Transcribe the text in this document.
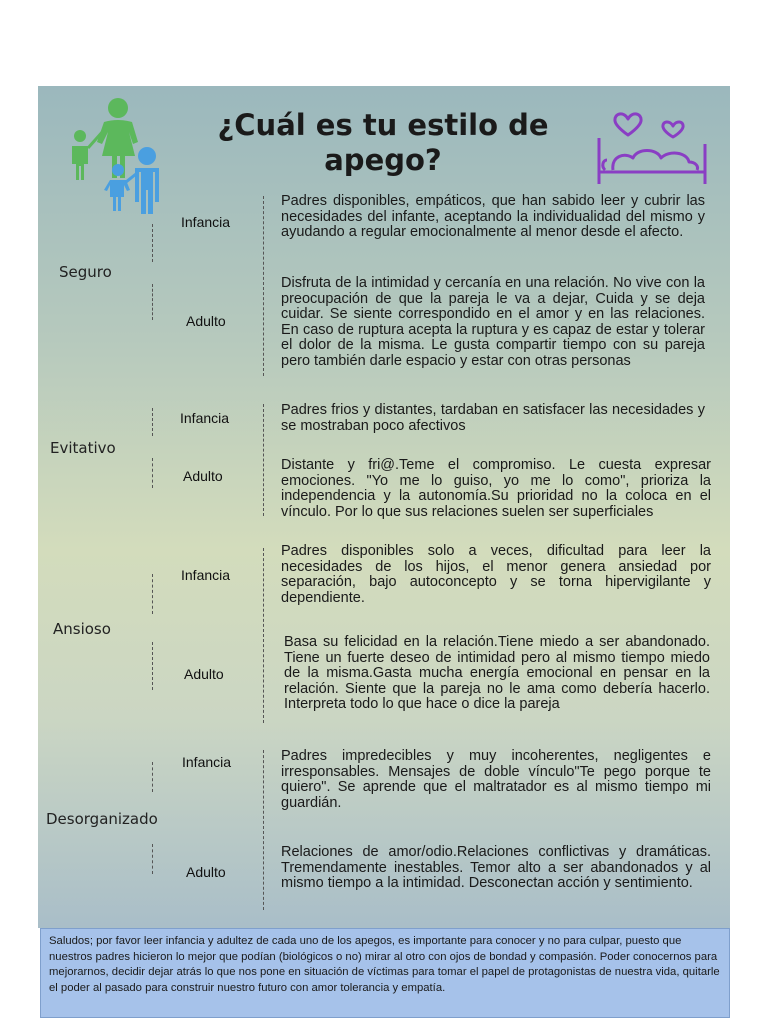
¿Cuál es tu estilo de apego?
Seguro
Infancia
Adulto
Padres disponibles, empáticos, que han sabido leer y cubrir las necesidades del infante, aceptando la individualidad del mismo y ayudando a regular emocionalmente al menor desde el afecto.
Disfruta de la intimidad y cercanía en una relación. No vive con la preocupación de que la pareja le va a dejar, Cuida y se deja cuidar. Se siente correspondido en el amor y en las relaciones. En caso de ruptura acepta la ruptura y es capaz de estar y tolerar el dolor de la misma. Le gusta compartir tiempo con su pareja pero también darle espacio y estar con otras personas
Evitativo
Infancia
Adulto
Padres frios y distantes, tardaban en satisfacer las necesidades y se mostraban poco afectivos
Distante y fri@.Teme el compromiso. Le cuesta expresar emociones. "Yo me lo guiso, yo me lo como", prioriza la independencia y la autonomía.Su prioridad no la coloca en el vínculo. Por lo que sus relaciones suelen ser superficiales
Ansioso
Infancia
Adulto
Padres disponibles solo a veces, dificultad para leer la necesidades de los hijos, el menor genera ansiedad por separación, bajo autoconcepto y se torna hipervigilante y dependiente.
Basa su felicidad en la relación.Tiene miedo a ser abandonado. Tiene un fuerte deseo de intimidad pero al mismo tiempo miedo de la misma.Gasta mucha energía emocional en pensar en la relación. Siente que la pareja no le ama como debería hacerlo. Interpreta todo lo que hace o dice la pareja
Desorganizado
Infancia
Adulto
Padres impredecibles y muy incoherentes, negligentes e irresponsables. Mensajes de doble vínculo"Te pego porque te quiero". Se aprende que el maltratador es al mismo tiempo mi guardián.
Relaciones de amor/odio.Relaciones conflictivas y dramáticas. Tremendamente inestables. Temor alto a ser abandonados y al mismo tiempo a la intimidad. Desconectan acción y sentimiento.
Saludos; por favor leer infancia y adultez de cada uno de los apegos, es importante para conocer y no para culpar, puesto que nuestros padres hicieron lo mejor que podían (biológicos o no) mirar al otro con ojos de bondad y compasión. Poder conocernos para mejorarnos, decidir dejar atrás lo que nos pone en situación de víctimas para tomar el papel de protagonistas de nuestra vida, quitarle el poder al pasado para construir nuestro futuro con amor tolerancia y empatía.
